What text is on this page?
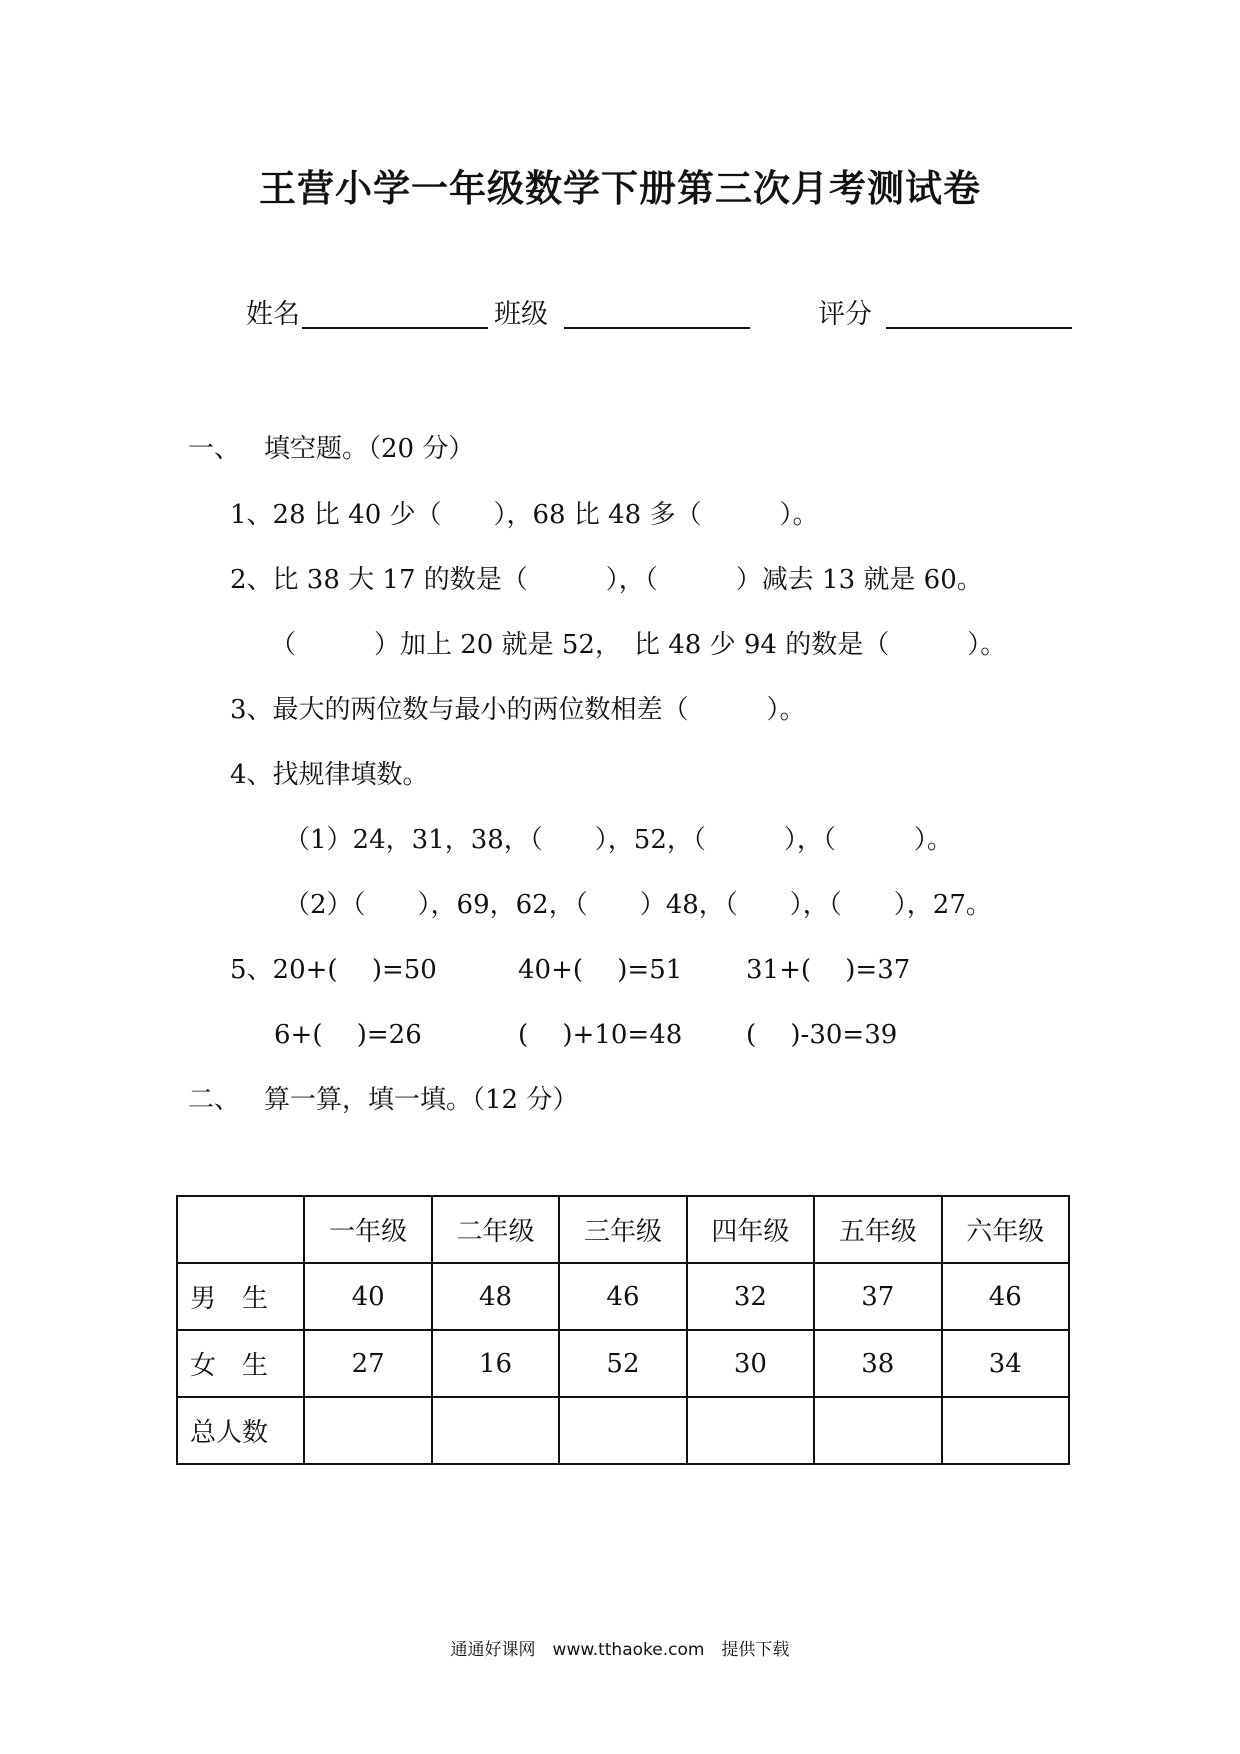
王营小学一年级数学下册第三次月考测试卷
姓名	班级	评分
一、 填空题。（20 分）
1、28 比 40 少（　　），68 比 48 多（　　　）。
2、比 38 大 17 的数是（　　　），（　　　）减去 13 就是 60。
（　　　）加上 20 就是 52，　比 48 少 94 的数是（　　　）。
3、最大的两位数与最小的两位数相差（　　　）。
4、找规律填数。
（1）24，31，38，（　　），52，（　　　），（　　　）。
（2）（　　），69，62，（　　）48，（　　），（　　），27。
5、20+(　 )=50	40+(　 )=51 31+(　 )=37
6+(　 )=26	(　 )+10=48 (　 )-30=39
二、 算一算，填一填。（12 分）
	一年级	二年级	三年级	四年级	五年级	六年级
男　生	40	48	46	32	37	46
女　生	27	16	52	30	38	34
总人数						
通通好课网　www.tthaoke.com　提供下载
